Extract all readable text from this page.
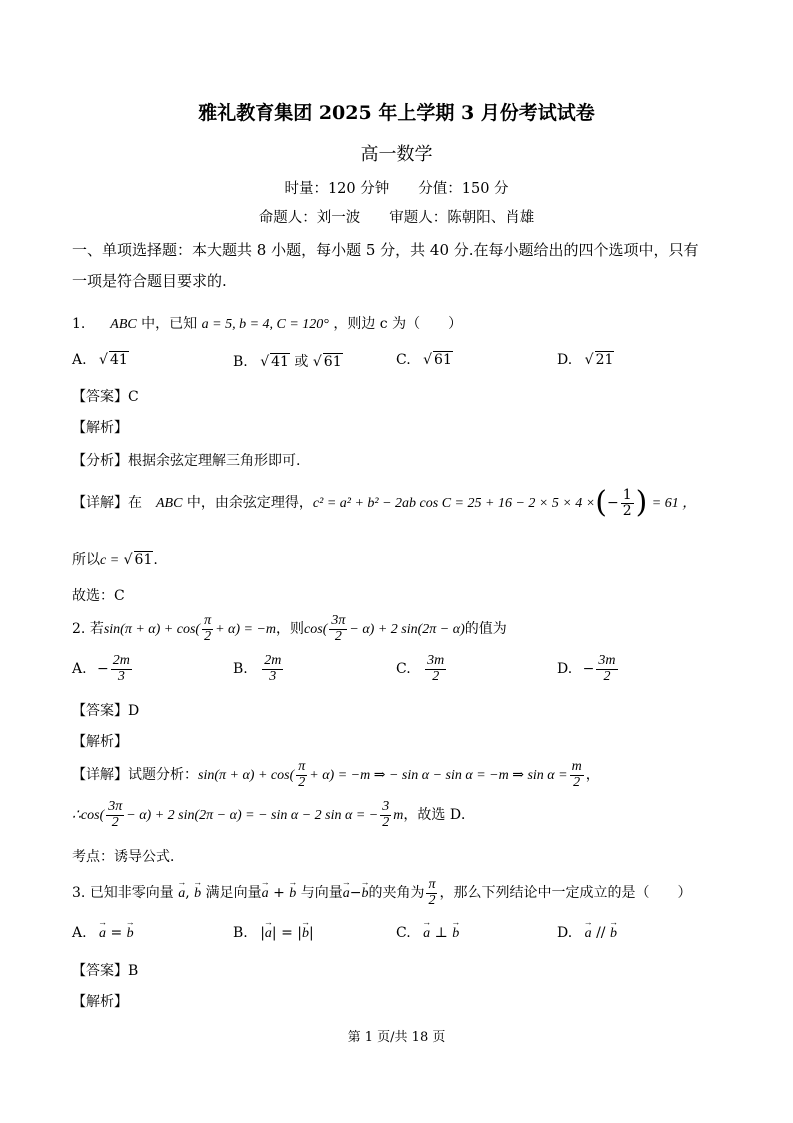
雅礼教育集团 2025 年上学期 3 月份考试试卷
高一数学
时量：120 分钟　　分值：150 分
命题人：刘一波　　审题人：陈朝阳、肖雄
一、单项选择题：本大题共 8 小题，每小题 5 分，共 40 分.在每小题给出的四个选项中，只有
一项是符合题目要求的.
1. ABC 中，已知 a = 5, b = 4, C = 120° ，则边 c 为（　　）
A. √ 41	B. √ 41 或 √ 61	C. √ 61	D. √ 21
【答案】C
【解析】
【分析】根据余弦定理解三角形即可.
【详解】在　ABC 中，由余弦定理得，c² = a² + b² − 2ab cos C = 25 + 16 − 2 × 5 × 4 ×(− $\frac{1}{2}$ ) = 61 ，
所以c = √ 61.
故选：C
2. 若$\sin(\pi + \alpha) + \cos( \frac{\pi}{2} + \alpha) = -m$，则$\cos( \frac{3\pi}{2} - \alpha) + 2$ sin(2π − α)的值为
A. − $\frac{2m}{3}$	B. $\frac{2m}{3}$	C. $\frac{3m}{2}$	D. − $\frac{3m}{2}$
【答案】D
【解析】
【详解】试题分析：$\sin(\pi + \alpha) + \cos( \frac{\pi}{2} + \alpha) = -m$ ⇒ − sin α − sin α = −m ⇒ $\sin \alpha = \frac{m}{2}$ ，
∴cos( $\frac{3\pi}{2} - \alpha) + 2$ sin(2π − α) = − sin α − 2 sin α = − $\frac{3}{2}$ m，故选 D．
考点：诱导公式．
3. 已知非零向量 → a, → b 满足向量→ a + → b 与向量→ a−→ b的夹角为 $\frac{\pi}{2}$ ，那么下列结论中一定成立的是（　　）
A. → a = → b	B. |→ a| = |→ b|	C. → a ⊥ → b	D. → a // → b
【答案】B
【解析】
第 1 页/共 18 页
